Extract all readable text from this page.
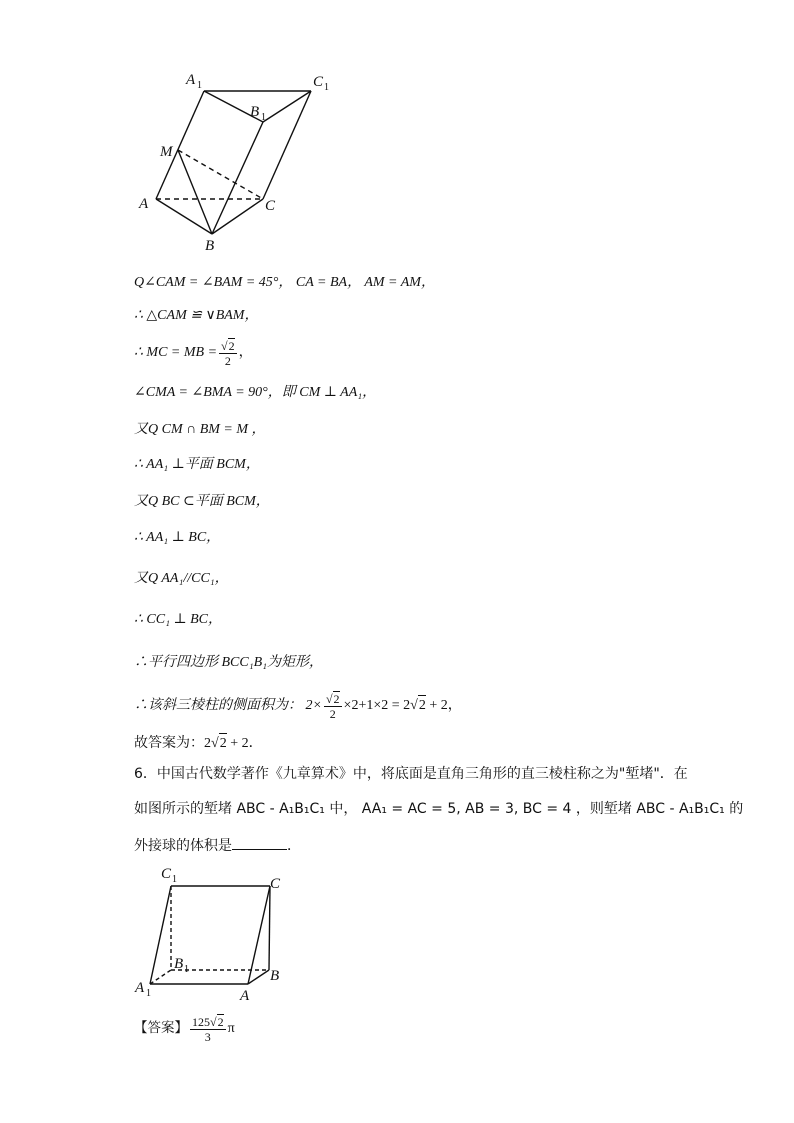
A 1	C 1
B 1
M
A	C
B
Q∠CAM = ∠BAM = 45°， CA = BA， AM = AM，
∴ △CAM ≌ ∨BAM，
∴ MC = MB = $\frac{√2}{2}$ ，
∠CMA = ∠BMA = 90°，即 CM ⊥ AA₁，
又Q CM ∩ BM = M ，
∴ AA₁ ⊥平面 BCM，
又Q BC ⊂平面 BCM，
∴ AA₁ ⊥ BC，
又Q AA₁//CC₁，
∴ CC₁ ⊥ BC，
∴平行四边形 BCC₁B₁为矩形，
∴该斜三棱柱的侧面积为： $2\times \frac{√2}{2} \times 2+1\times 2 = 2√2 + 2$，
故答案为：2√2 + 2．
6．中国古代数学著作《九章算术》中，将底面是直角三角形的直三棱柱称之为"堑堵"．在
如图所示的堑堵 ABC - A₁B₁C₁ 中， AA₁ = AC = 5, AB = 3, BC = 4 ，则堑堵 ABC - A₁B₁C₁ 的
外接球的体积是	．
C 1	C
B 1	B
A 1	A
【答案】 $\frac{125√2}{3}$ π
